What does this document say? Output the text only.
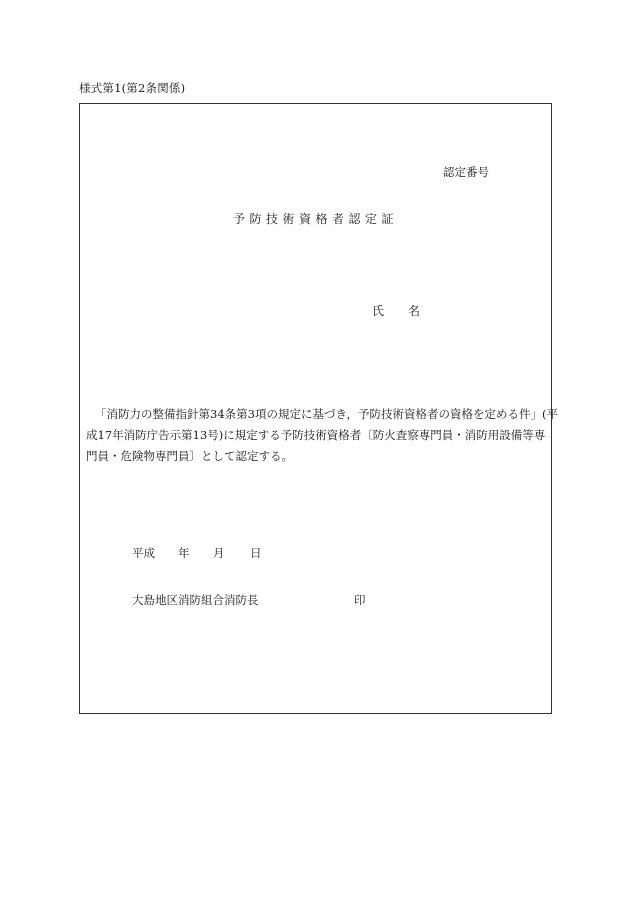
様式第1(第2条関係)
認定番号
予防技術資格者認定証
氏 名
「消防力の整備指針第34条第3項の規定に基づき，予防技術資格者の資格を定める件」(平
成17年消防庁告示第13号)に規定する予防技術資格者〔防火査察専門員・消防用設備等専
門員・危険物専門員〕として認定する。
平成 年 月 日
大島地区消防組合消防長	印
